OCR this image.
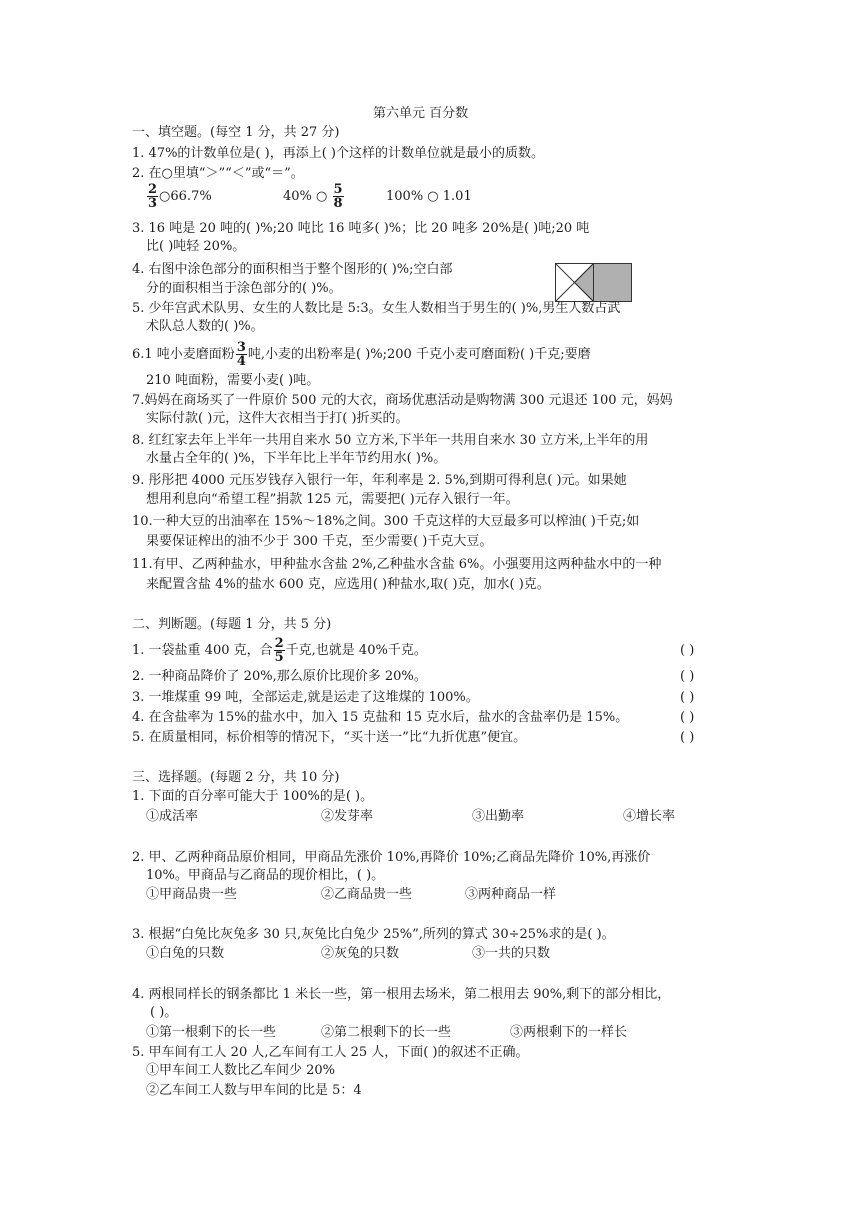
第六单元 百分数
一、填空题。(每空 1 分，共 27 分)
1. 47%的计数单位是( )，再添上( )个这样的计数单位就是最小的质数。
2. 在○里填“＞”“＜”或“＝”。
$\frac{2}{3}$ ○66.7%	40% ○ $\frac{5}{8}$	100% ○ 1.01
3. 16 吨是 20 吨的( )%;20 吨比 16 吨多( )%；比 20 吨多 20%是( )吨;20 吨
比( )吨轻 20%。
4. 右图中涂色部分的面积相当于整个图形的( )%;空白部
分的面积相当于涂色部分的( )%。
5. 少年宫武术队男、女生的人数比是 5:3。女生人数相当于男生的( )%,男生人数占武
术队总人数的( )%。
6.1 吨小麦磨面粉 $\frac{3}{4}$ 吨,小麦的出粉率是( )%;200 千克小麦可磨面粉( )千克;要磨
210 吨面粉，需要小麦( )吨。
7.妈妈在商场买了一件原价 500 元的大衣，商场优惠活动是购物满 300 元退还 100 元，妈妈
实际付款( )元，这件大衣相当于打( )折买的。
8. 红红家去年上半年一共用自来水 50 立方米,下半年一共用自来水 30 立方米,上半年的用
水量占全年的( )%，下半年比上半年节约用水( )%。
9. 彤彤把 4000 元压岁钱存入银行一年，年利率是 2. 5%,到期可得利息( )元。如果她
想用利息向“希望工程”捐款 125 元，需要把( )元存入银行一年。
10.一种大豆的出油率在 15%～18%之间。300 千克这样的大豆最多可以榨油( )千克;如
果要保证榨出的油不少于 300 千克，至少需要( )千克大豆。
11.有甲、乙两种盐水，甲种盐水含盐 2%,乙种盐水含盐 6%。小强要用这两种盐水中的一种
来配置含盐 4%的盐水 600 克，应选用( )种盐水,取( )克，加水( )克。
二、判断题。(每题 1 分，共 5 分)
1. 一袋盐重 400 克，合 $\frac{2}{5}$ 千克,也就是 40%千克。	( )
2. 一种商品降价了 20%,那么原价比现价多 20%。	( )
3. 一堆煤重 99 吨，全部运走,就是运走了这堆煤的 100%。	( )
4. 在含盐率为 15%的盐水中，加入 15 克盐和 15 克水后，盐水的含盐率仍是 15%。	( )
5. 在质量相同，标价相等的情况下，“买十送一”比“九折优惠”便宜。	( )
三、选择题。(每题 2 分，共 10 分)
1. 下面的百分率可能大于 100%的是( )。
①成活率	②发芽率	③出勤率	④增长率
2. 甲、乙两种商品原价相同，甲商品先涨价 10%,再降价 10%;乙商品先降价 10%,再涨价
10%。甲商品与乙商品的现价相比，( )。
①甲商品贵一些	②乙商品贵一些	③两种商品一样
3. 根据“白兔比灰兔多 30 只,灰兔比白兔少 25%”,所列的算式 30÷25%求的是( )。
①白兔的只数	②灰兔的只数	③一共的只数
4. 两根同样长的钢条都比 1 米长一些，第一根用去场米，第二根用去 90%,剩下的部分相比，
( )。
①第一根剩下的长一些	②第二根剩下的长一些	③两根剩下的一样长
5. 甲车间有工人 20 人,乙车间有工人 25 人，下面( )的叙述不正确。
①甲车间工人数比乙车间少 20%
②乙车间工人数与甲车间的比是 5：4
